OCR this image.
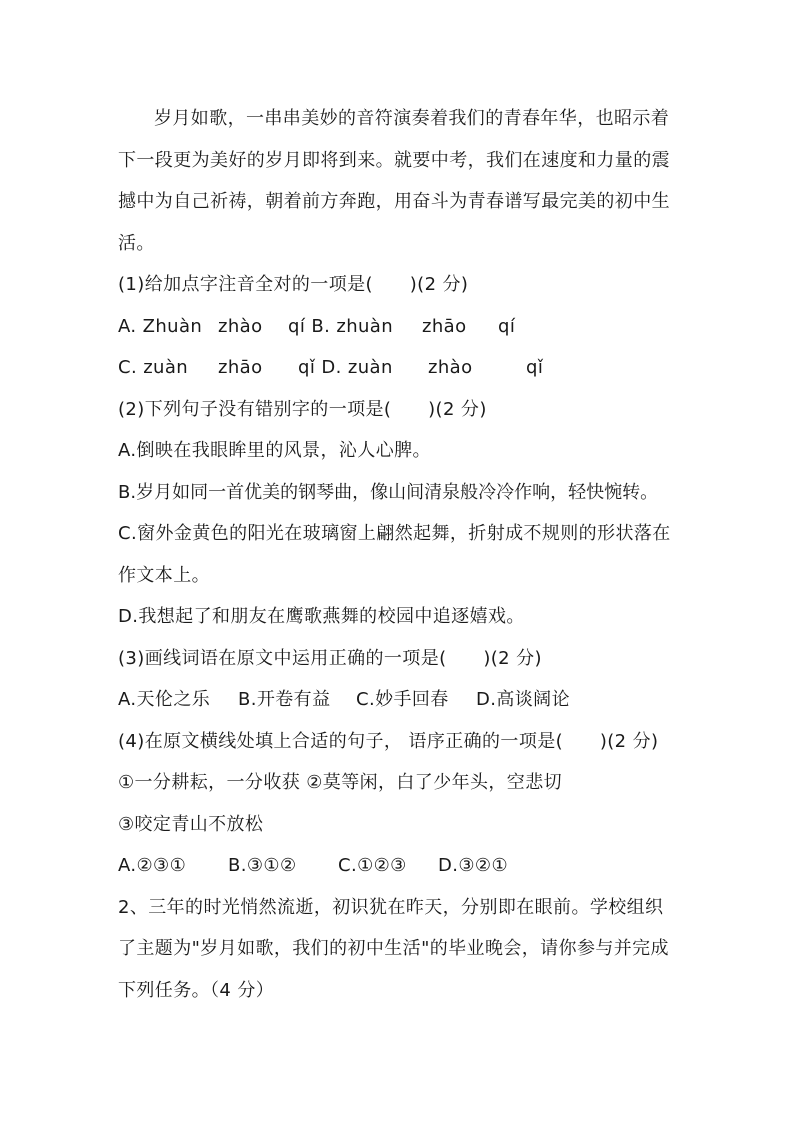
岁月如歌，一串串美妙的音符演奏着我们的青春年华，也昭示着
下一段更为美好的岁月即将到来。就要中考，我们在速度和力量的震
撼中为自己祈祷，朝着前方奔跑，用奋斗为青春谱写最完美的初中生
活。
(1)给加点字注音全对的一项是(　　)(2 分)
A. Zhuàn zhào qí B. zhuàn zhāo qí
C. zuàn zhāo qǐ D. zuàn zhào	qǐ
(2)下列句子没有错别字的一项是(　　)(2 分)
A.倒映在我眼眸里的风景，沁人心脾。
B.岁月如同一首优美的钢琴曲，像山间清泉般冷冷作响，轻快惋转。
C.窗外金黄色的阳光在玻璃窗上翩然起舞，折射成不规则的形状落在
作文本上。
D.我想起了和朋友在鹰歌燕舞的校园中追逐嬉戏。
(3)画线词语在原文中运用正确的一项是(　　)(2 分)
A.天伦之乐 B.开卷有益 C.妙手回春 D.高谈阔论
(4)在原文横线处填上合适的句子， 语序正确的一项是(　　)(2 分)
①一分耕耘，一分收获 ②莫等闲，白了少年头，空悲切
③咬定青山不放松
A.②③① B.③①② C.①②③ D.③②①
2、三年的时光悄然流逝，初识犹在昨天，分别即在眼前。学校组织
了主题为"岁月如歌，我们的初中生活"的毕业晚会，请你参与并完成
下列任务。（4 分）
